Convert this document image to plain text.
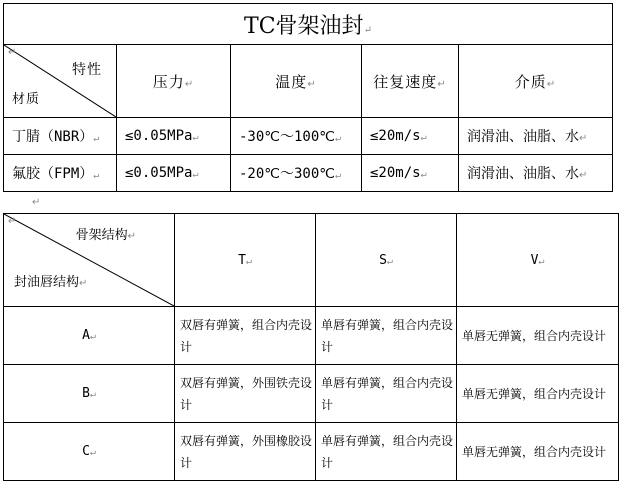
TC骨架油封↵				

↵
特性
材质	压力↵	温度↵	往复速度↵	介质↵
丁腈（NBR）↵	≤0.05MPa↵	-30℃～100℃↵	≤20m/s↵	润滑油、油脂、水↵
氟胶（FPM）↵	≤0.05MPa↵	-20℃～300℃↵	≤20m/s↵	润滑油、油脂、水↵
↵
↵
骨架结构↵
封油唇结构↵	T↵	S↵	V↵
A↵	双唇有弹簧，组合内壳设计	单唇有弹簧，组合内壳设计	单唇无弹簧，组合内壳设计
B↵	双唇有弹簧，外围铁壳设计	单唇有弹簧，组合内壳设计	单唇无弹簧，组合内壳设计
C↵	双唇有弹簧，外围橡胶设计	单唇有弹簧，组合内壳设计	单唇无弹簧，组合内壳设计
